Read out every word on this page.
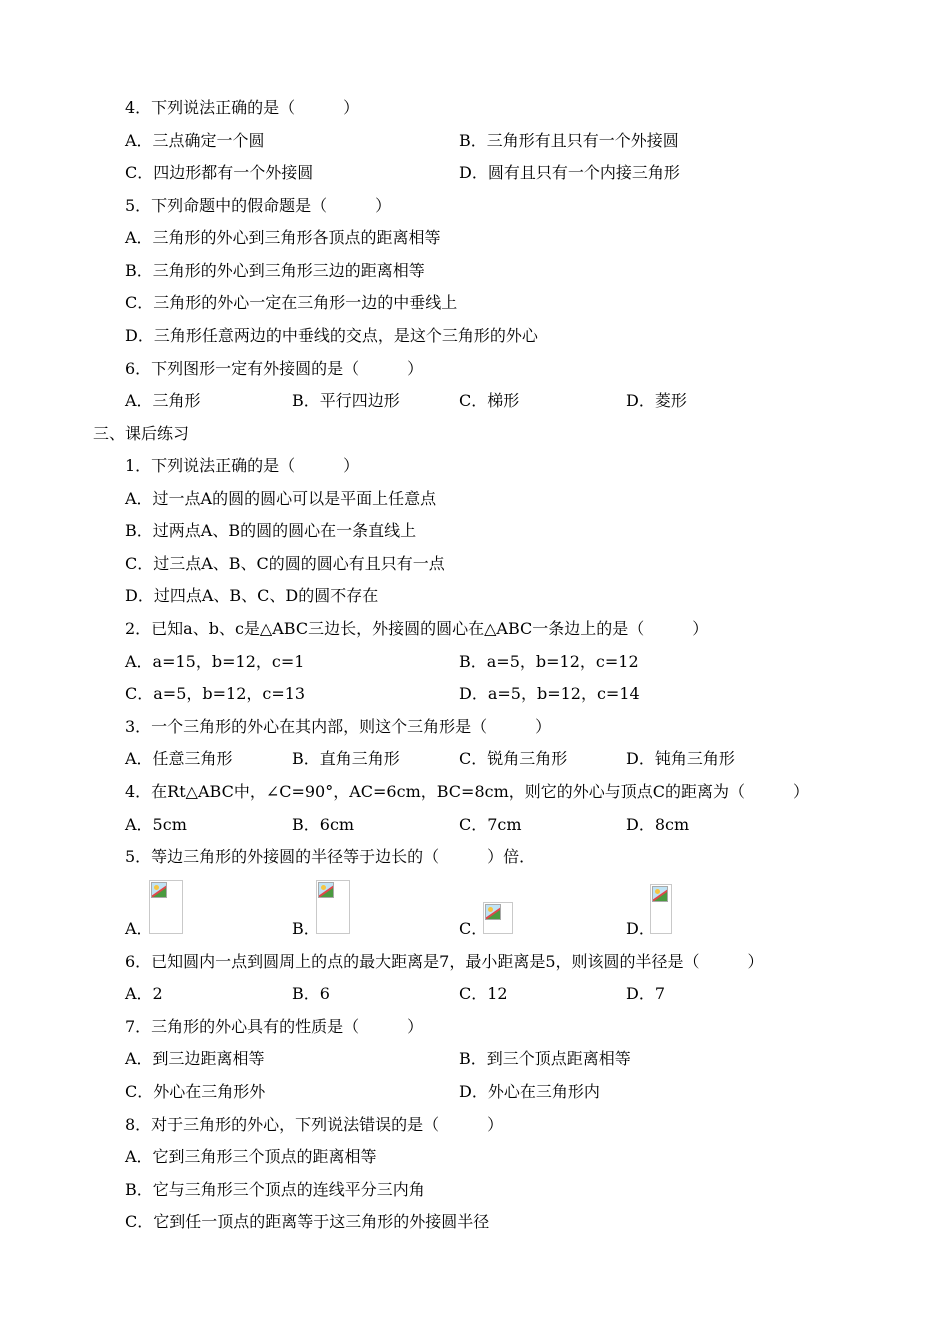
4．下列说法正确的是（　　　）
A．三点确定一个圆	B．三角形有且只有一个外接圆
C．四边形都有一个外接圆	D．圆有且只有一个内接三角形
5．下列命题中的假命题是（　　　）
A．三角形的外心到三角形各顶点的距离相等
B．三角形的外心到三角形三边的距离相等
C．三角形的外心一定在三角形一边的中垂线上
D．三角形任意两边的中垂线的交点，是这个三角形的外心
6．下列图形一定有外接圆的是（　　　）
A．三角形	B．平行四边形	C．梯形	D．菱形
三、课后练习
1．下列说法正确的是（　　　）
A．过一点A的圆的圆心可以是平面上任意点
B．过两点A、B的圆的圆心在一条直线上
C．过三点A、B、C的圆的圆心有且只有一点
D．过四点A、B、C、D的圆不存在
2．已知a、b、c是△ABC三边长，外接圆的圆心在△ABC一条边上的是（　　　）
A．a=15，b=12，c=1	B．a=5，b=12，c=12
C．a=5，b=12，c=13	D．a=5，b=12，c=14
3．一个三角形的外心在其内部，则这个三角形是（　　　）
A．任意三角形	B．直角三角形	C．锐角三角形	D．钝角三角形
4．在Rt△ABC中，∠C=90°，AC=6cm，BC=8cm，则它的外心与顶点C的距离为（　　　）
A．5cm	B．6cm	C．7cm	D．8cm
5．等边三角形的外接圆的半径等于边长的（　　　）倍．
A．	B．	C．	D．
6．已知圆内一点到圆周上的点的最大距离是7，最小距离是5，则该圆的半径是（　　　）
A．2	B．6	C．12	D．7
7．三角形的外心具有的性质是（　　　）
A．到三边距离相等	B．到三个顶点距离相等
C．外心在三角形外	D．外心在三角形内
8．对于三角形的外心，下列说法错误的是（　　　）
A．它到三角形三个顶点的距离相等
B．它与三角形三个顶点的连线平分三内角
C．它到任一顶点的距离等于这三角形的外接圆半径
